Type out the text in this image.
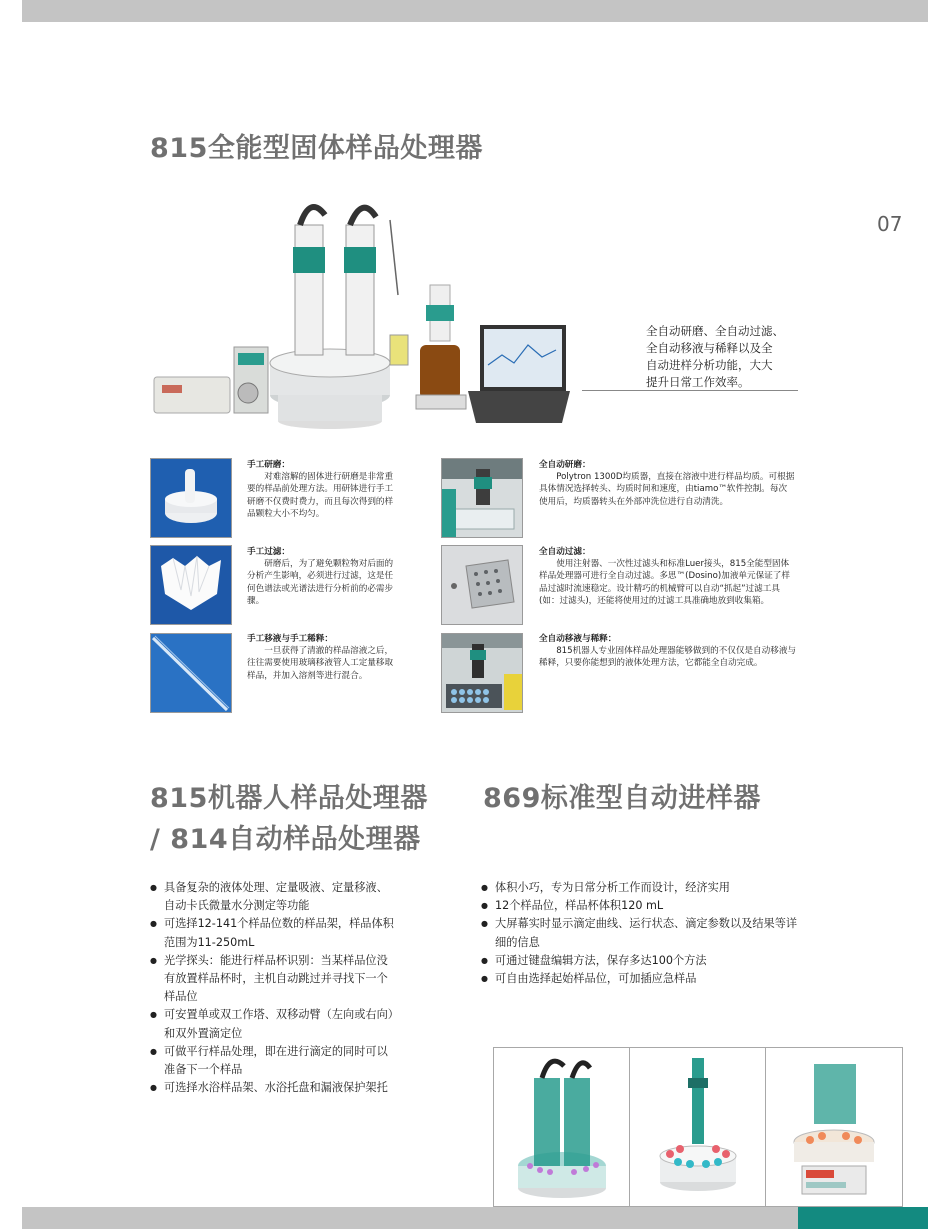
815全能型固体样品处理器
07
全自动研磨、全自动过滤、
全自动移液与稀释以及全
自动进样分析功能，大大
提升日常工作效率。
手工研磨：
对难溶解的固体进行研磨是非常重要的样品前处理方法。用研钵进行手工研磨不仅费时费力，而且每次得到的样品颗粒大小不均匀。
手工过滤：
研磨后，为了避免颗粒物对后面的分析产生影响，必须进行过滤，这是任何色谱法或光谱法进行分析前的必需步骤。
手工移液与手工稀释：
一旦获得了清澈的样品溶液之后，往往需要使用玻璃移液管人工定量移取样品，并加入溶剂等进行混合。
全自动研磨：
Polytron 1300D均质器，直接在溶液中进行样品均质。可根据具体情况选择转头、均质时间和速度，由tiamo™软件控制。每次使用后，均质器转头在外部冲洗位进行自动清洗。
全自动过滤：
使用注射器、一次性过滤头和标准Luer接头，815全能型固体样品处理器可进行全自动过滤。多思™(Dosino)加液单元保证了样品过滤时流速稳定。设计精巧的机械臂可以自动“抓起”过滤工具(如：过滤头)，还能将使用过的过滤工具准确地放到收集箱。
全自动移液与稀释：
815机器人专业固体样品处理器能够做到的不仅仅是自动移液与稀释，只要你能想到的液体处理方法，它都能全自动完成。
815机器人样品处理器
/ 814自动样品处理器
● 具备复杂的液体处理、定量吸液、定量移液、自动卡氏微量水分测定等功能
● 可选择12-141个样品位数的样品架，样品体积范围为11-250mL
● 光学探头：能进行样品杯识别：当某样品位没有放置样品杯时，主机自动跳过并寻找下一个样品位
● 可安置单或双工作塔、双移动臂（左向或右向）和双外置滴定位
● 可做平行样品处理，即在进行滴定的同时可以准备下一个样品
● 可选择水浴样品架、水浴托盘和漏液保护架托
869标准型自动进样器
● 体积小巧，专为日常分析工作而设计，经济实用
● 12个样品位，样品杯体积120 mL
● 大屏幕实时显示滴定曲线、运行状态、滴定参数以及结果等详细的信息
● 可通过键盘编辑方法，保存多达100个方法
● 可自由选择起始样品位，可加插应急样品
